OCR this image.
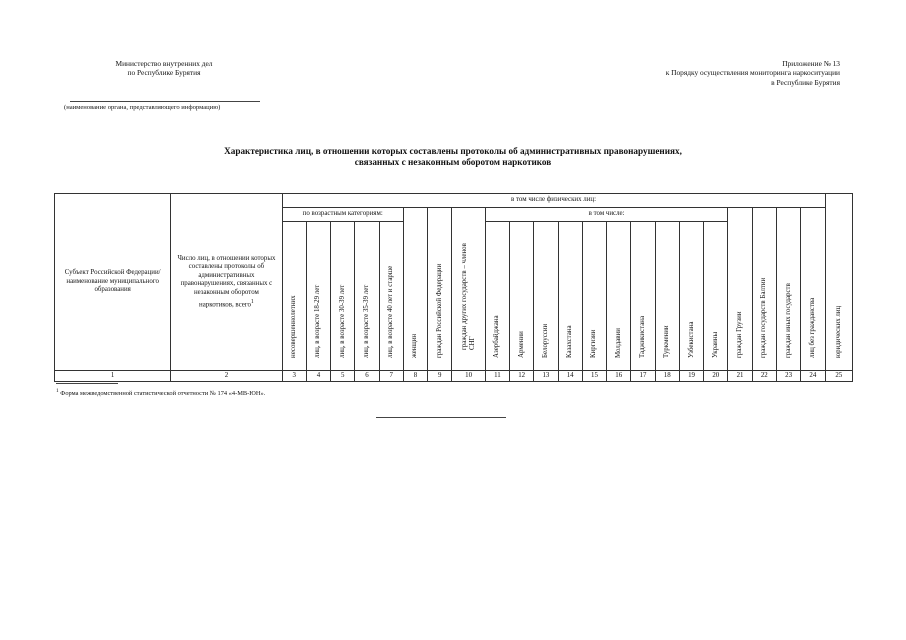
Министерство внутренних дел
по Республике Бурятия
(наименование органа, представляющего информацию)
Приложение № 13
к Порядку осуществления мониторинга наркоситуации
в Республике Бурятия
Характеристика лиц, в отношении которых составлены протоколы об административных правонарушениях,
связанных с незаконным оборотом наркотиков
Субъект Российской Федерации/ наименование муниципального образования	Число лиц, в отношении которых составлены протоколы об административных правонарушениях, связанных с незаконным оборотом наркотиков, всего$^1$	в том числе физических лиц:																						юридических лиц

		по возрастным категориям:					женщин	граждан Российской Федерации	граждан других государств – членов СНГ	в том числе:										граждан Грузии	граждан государств Балтии	граждан иных государств	лиц без гражданства	

		несовершеннолетних	лиц, в возрасте 18-29 лет	лиц, в возрасте 30-39 лет	лиц, в возрасте 35-39 лет	лиц, в возрасте 40 лет и старше				Азербайджана	Армении	Белоруссии	Казахстана	Киргизии	Молдавии	Таджикистана	Туркмении	Узбекистана	Украины					

1	2	3	4	5	6	7	8	9	10	11	12	13	14	15	16	17	18	19	20	21	22	23	24	25
$^1$ Форма межведомственной статистической отчетности № 174 «4-МВ-ЮН».
